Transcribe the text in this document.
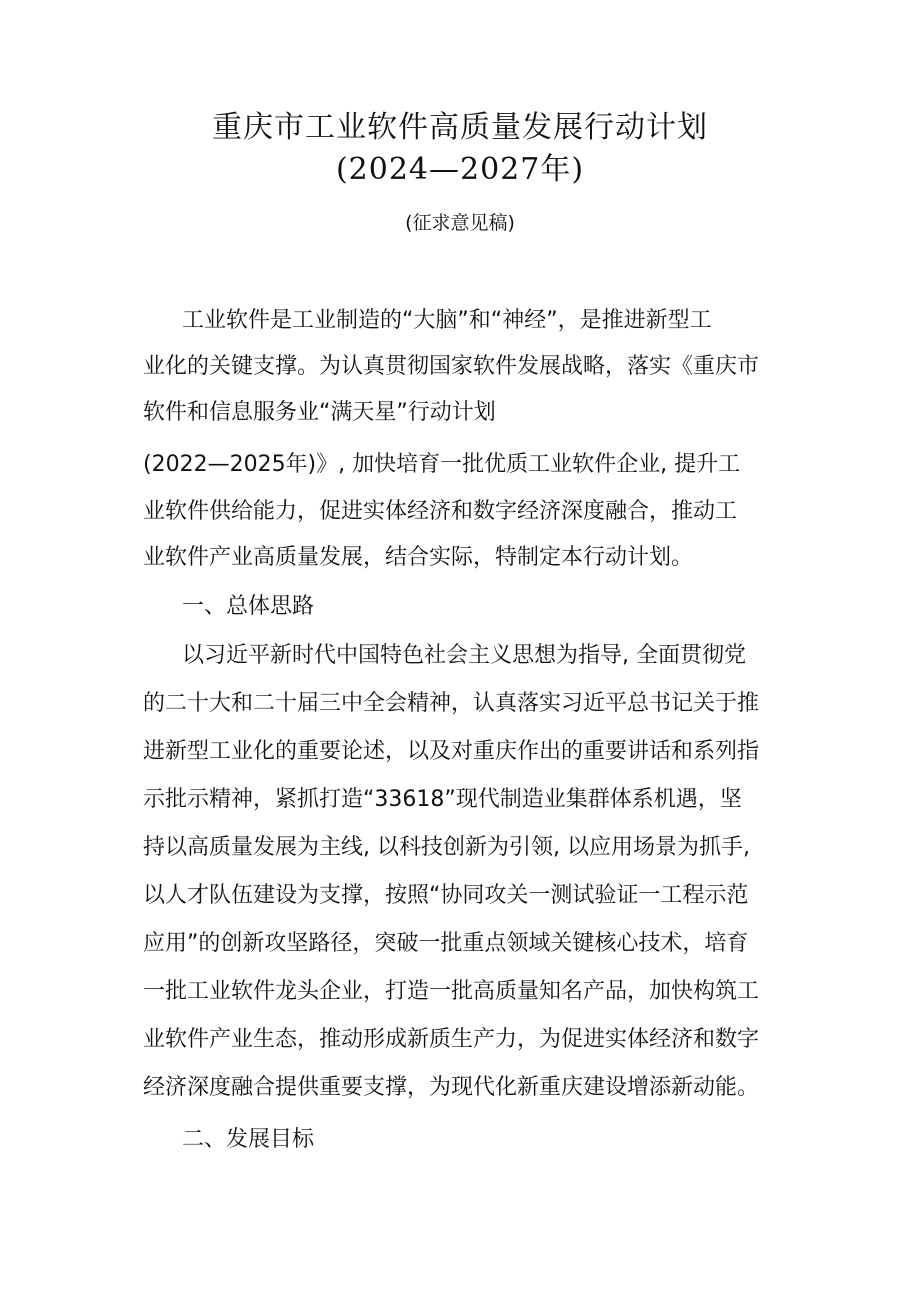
重庆市工业软件高质量发展行动计划
(2024—2027年)
(征求意见稿)

工业软件是工业制造的“大脑”和“神经”，是推进新型工

业化的关键支撑。为认真贯彻国家软件发展战略，落实《重庆市

软件和信息服务业“满天星”行动计划

(2022—2025年)》, 加快培育一批优质工业软件企业, 提升工

业软件供给能力，促进实体经济和数字经济深度融合，推动工

业软件产业高质量发展，结合实际，特制定本行动计划。

一、总体思路

以习近平新时代中国特色社会主义思想为指导, 全面贯彻党

的二十大和二十届三中全会精神，认真落实习近平总书记关于推

进新型工业化的重要论述，以及对重庆作出的重要讲话和系列指

示批示精神，紧抓打造“33618”现代制造业集群体系机遇，坚

持以高质量发展为主线, 以科技创新为引领, 以应用场景为抓手,

以人才队伍建设为支撑，按照“协同攻关一测试验证一工程示范

应用”的创新攻坚路径，突破一批重点领域关键核心技术，培育

一批工业软件龙头企业，打造一批高质量知名产品，加快构筑工

业软件产业生态，推动形成新质生产力，为促进实体经济和数字

经济深度融合提供重要支撑，为现代化新重庆建设增添新动能。

二、发展目标
